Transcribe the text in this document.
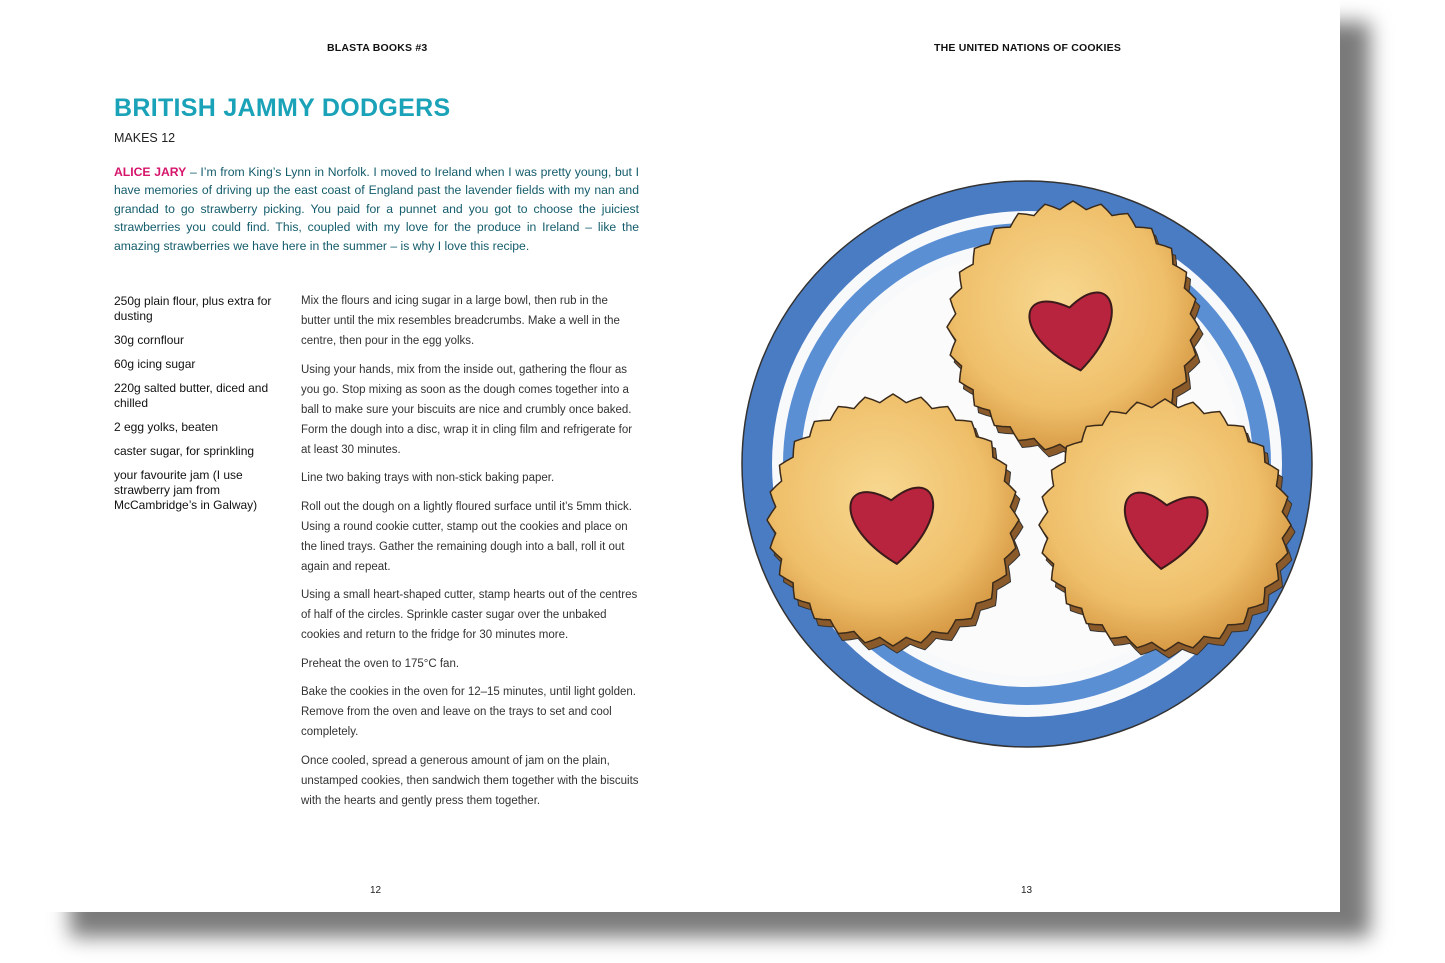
BLASTA BOOKS #3	THE UNITED NATIONS OF COOKIES
BRITISH JAMMY DODGERS
MAKES 12

ALICE JARY – I’m from King’s Lynn in Norfolk. I moved to Ireland when I was pretty young, but I have memories of driving up the east coast of England past the lavender fields with my nan and grandad to go strawberry picking. You paid for a punnet and you got to choose the juiciest strawberries you could find. This, coupled with my love for the produce in Ireland – like the amazing strawberries we have here in the summer – is why I love this recipe.

250g plain flour, plus extra for dusting
30g cornflour
60g icing sugar
220g salted butter, diced and chilled
2 egg yolks, beaten
caster sugar, for sprinkling
your favourite jam (I use strawberry jam from McCambridge’s in Galway)

Mix the flours and icing sugar in a large bowl, then rub in the butter until the mix resembles breadcrumbs. Make a well in the centre, then pour in the egg yolks.

Using your hands, mix from the inside out, gathering the flour as you go. Stop mixing as soon as the dough comes together into a ball to make sure your biscuits are nice and crumbly once baked. Form the dough into a disc, wrap it in cling film and refrigerate for at least 30 minutes.

Line two baking trays with non-stick baking paper.

Roll out the dough on a lightly floured surface until it’s 5mm thick. Using a round cookie cutter, stamp out the cookies and place on the lined trays. Gather the remaining dough into a ball, roll it out again and repeat.

Using a small heart-shaped cutter, stamp hearts out of the centres of half of the circles. Sprinkle caster sugar over the unbaked cookies and return to the fridge for 30 minutes more.

Preheat the oven to 175°C fan.

Bake the cookies in the oven for 12–15 minutes, until light golden. Remove from the oven and leave on the trays to set and cool completely.

Once cooled, spread a generous amount of jam on the plain, unstamped cookies, then sandwich them together with the biscuits with the hearts and gently press them together.

12	13
